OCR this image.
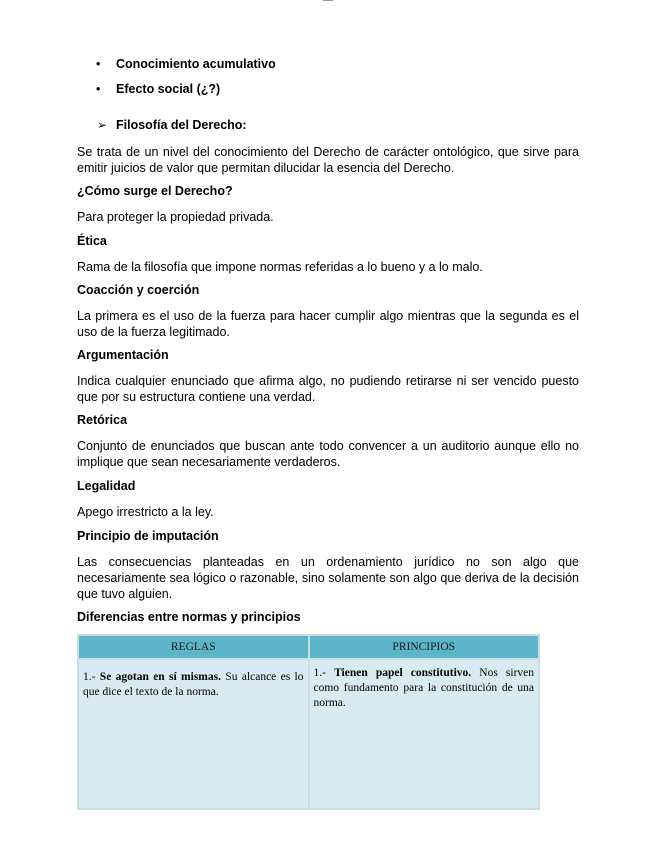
• Conocimiento acumulativo
• Efecto social (¿?)
➢ Filosofía del Derecho:
Se trata de un nivel del conocimiento del Derecho de carácter ontológico, que sirve para emitir juicios de valor que permitan dilucidar la esencia del Derecho.
¿Cómo surge el Derecho?
Para proteger la propiedad privada.
Ética
Rama de la filosofía que impone normas referidas a lo bueno y a lo malo.
Coacción y coerción
La primera es el uso de la fuerza para hacer cumplir algo mientras que la segunda es el uso de la fuerza legitimado.
Argumentación
Indica cualquier enunciado que afirma algo, no pudiendo retirarse ni ser vencido puesto que por su estructura contiene una verdad.
Retórica
Conjunto de enunciados que buscan ante todo convencer a un auditorio aunque ello no implique que sean necesariamente verdaderos.
Legalidad
Apego irrestricto a la ley.
Principio de imputación
Las consecuencias planteadas en un ordenamiento jurídico no son algo que necesariamente sea lógico o razonable, sino solamente son algo que deriva de la decisión que tuvo alguien.
Diferencias entre normas y principios
REGLAS	PRINCIPIOS
1.- Se agotan en sí mismas. Su alcance es lo que dice el texto de la norma.	1.- Tienen papel constitutivo. Nos sirven como fundamento para la constitución de una norma.
